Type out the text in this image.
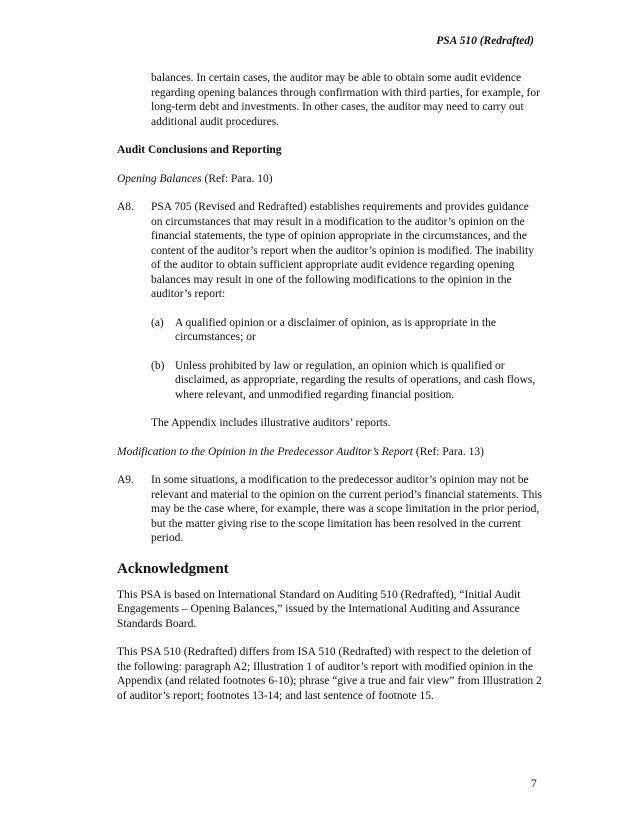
PSA 510 (Redrafted)

balances. In certain cases, the auditor may be able to obtain some audit evidence regarding opening balances through confirmation with third parties, for example, for long-term debt and investments. In other cases, the auditor may need to carry out additional audit procedures.

Audit Conclusions and Reporting

Opening Balances (Ref: Para. 10)

A8.	PSA 705 (Revised and Redrafted) establishes requirements and provides guidance on circumstances that may result in a modification to the auditor’s opinion on the financial statements, the type of opinion appropriate in the circumstances, and the content of the auditor’s report when the auditor’s opinion is modified. The inability of the auditor to obtain sufficient appropriate audit evidence regarding opening balances may result in one of the following modifications to the opinion in the auditor’s report:

(a) A qualified opinion or a disclaimer of opinion, as is appropriate in the circumstances; or
(b) Unless prohibited by law or regulation, an opinion which is qualified or disclaimed, as appropriate, regarding the results of operations, and cash flows, where relevant, and unmodified regarding financial position.

The Appendix includes illustrative auditors’ reports.

Modification to the Opinion in the Predecessor Auditor’s Report (Ref: Para. 13)

A9.	In some situations, a modification to the predecessor auditor’s opinion may not be relevant and material to the opinion on the current period’s financial statements. This may be the case where, for example, there was a scope limitation in the prior period, but the matter giving rise to the scope limitation has been resolved in the current period.

Acknowledgment

This PSA is based on International Standard on Auditing 510 (Redrafted), “Initial Audit Engagements – Opening Balances,” issued by the International Auditing and Assurance Standards Board.

This PSA 510 (Redrafted) differs from ISA 510 (Redrafted) with respect to the deletion of the following: paragraph A2; Illustration 1 of auditor’s report with modified opinion in the Appendix (and related footnotes 6-10); phrase “give a true and fair view” from Illustration 2 of auditor’s report; footnotes 13-14; and last sentence of footnote 15.

7
